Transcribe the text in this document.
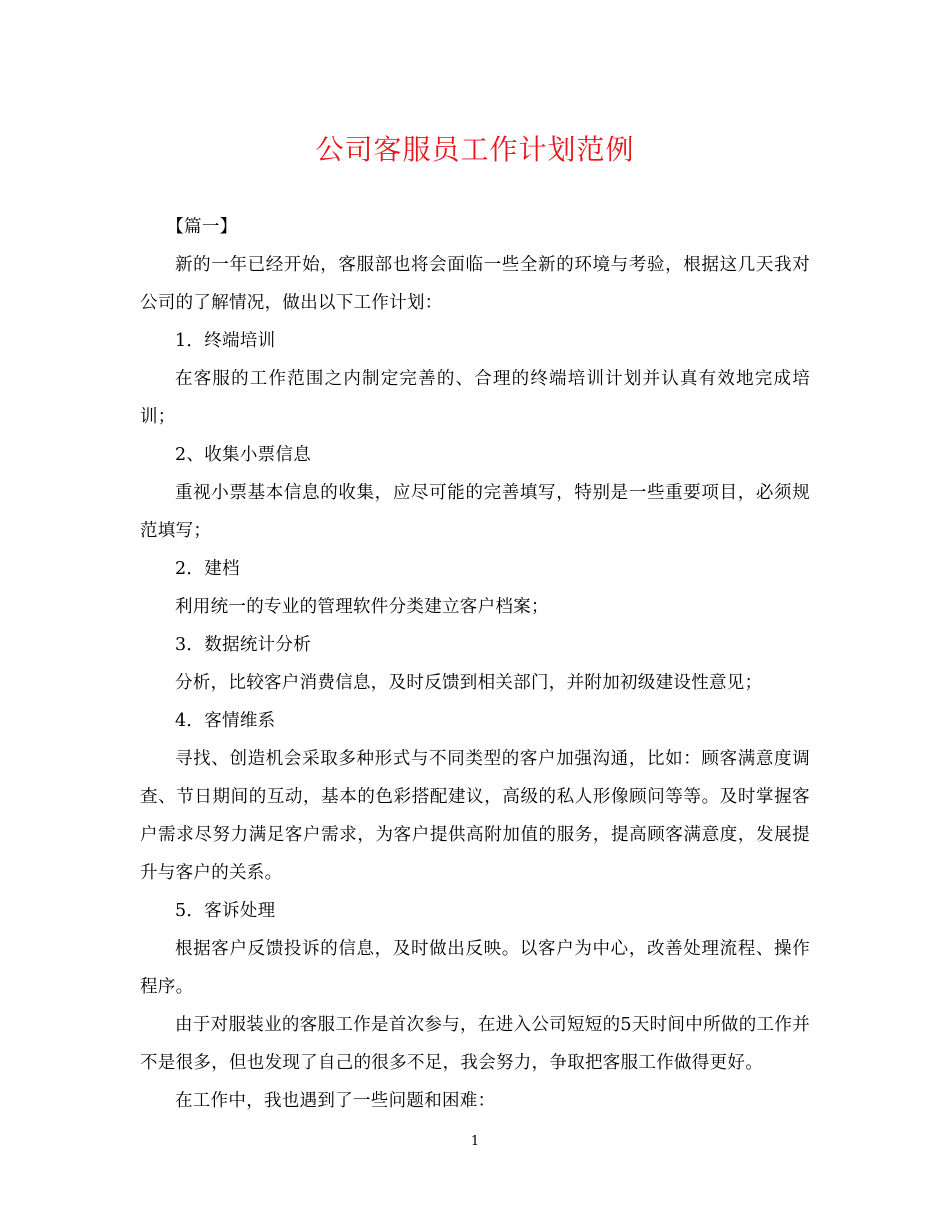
公司客服员工作计划范例

【篇一】

新的一年已经开始，客服部也将会面临一些全新的环境与考验，根据这几天我对公司的了解情况，做出以下工作计划：

1．终端培训

在客服的工作范围之内制定完善的、合理的终端培训计划并认真有效地完成培训；

2、收集小票信息

重视小票基本信息的收集，应尽可能的完善填写，特别是一些重要项目，必须规范填写；

2．建档

利用统一的专业的管理软件分类建立客户档案；

3．数据统计分析

分析，比较客户消费信息，及时反馈到相关部门，并附加初级建设性意见；

4．客情维系

寻找、创造机会采取多种形式与不同类型的客户加强沟通，比如：顾客满意度调查、节日期间的互动，基本的色彩搭配建议，高级的私人形像顾问等等。及时掌握客户需求尽努力满足客户需求，为客户提供高附加值的服务，提高顾客满意度，发展提升与客户的关系。

5．客诉处理

根据客户反馈投诉的信息，及时做出反映。以客户为中心，改善处理流程、操作程序。

由于对服装业的客服工作是首次参与，在进入公司短短的5天时间中所做的工作并不是很多，但也发现了自己的很多不足，我会努力，争取把客服工作做得更好。

在工作中，我也遇到了一些问题和困难：

1
